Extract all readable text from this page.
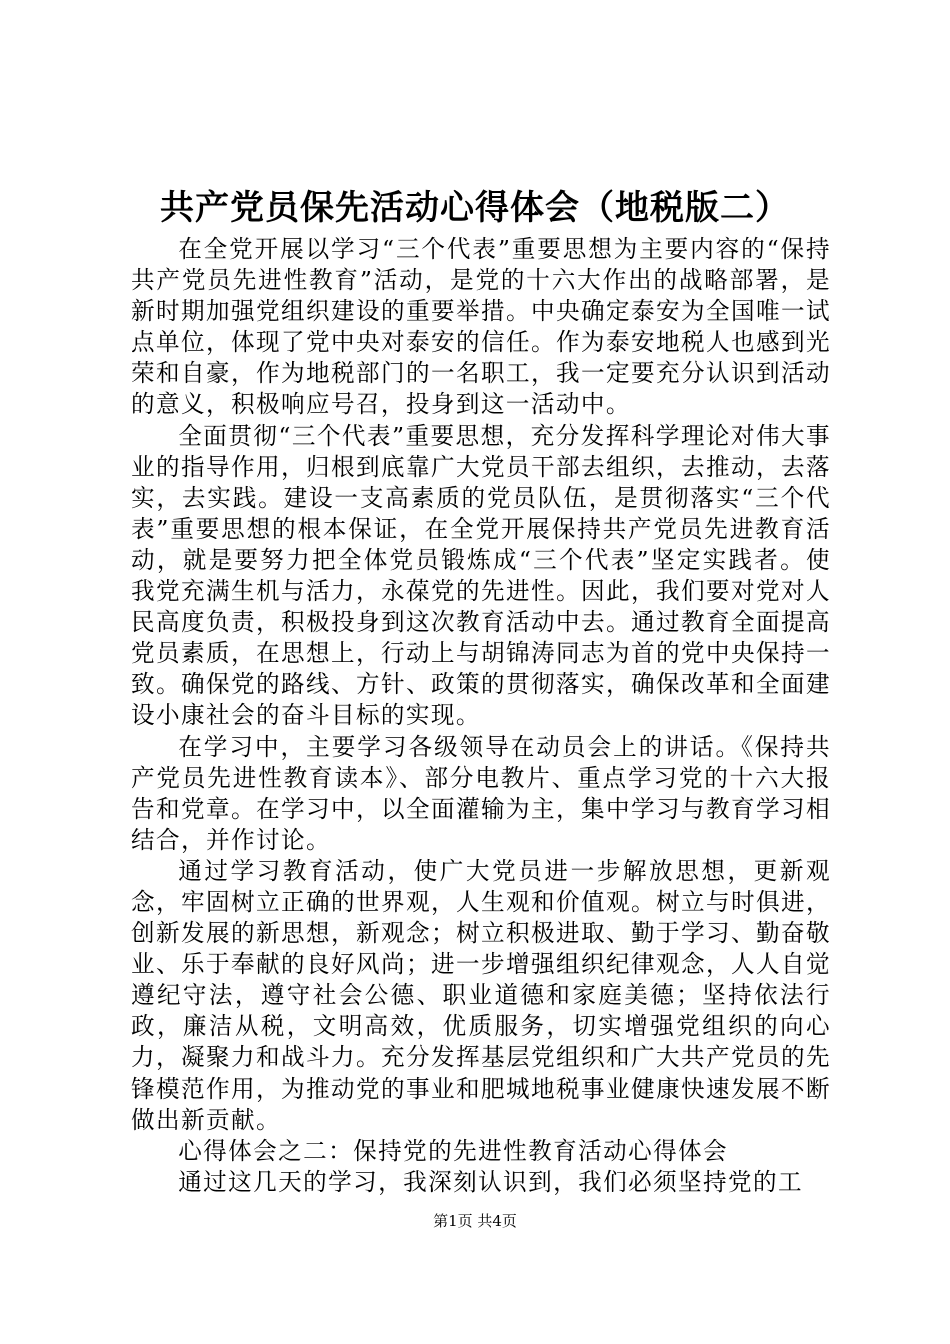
共产党员保先活动心得体会（地税版二）

在全党开展以学习“三个代表”重要思想为主要内容的“保持共产党员先进性教育”活动，是党的十六大作出的战略部署，是新时期加强党组织建设的重要举措。中央确定泰安为全国唯一试点单位，体现了党中央对泰安的信任。作为泰安地税人也感到光荣和自豪，作为地税部门的一名职工，我一定要充分认识到活动的意义，积极响应号召，投身到这一活动中。

全面贯彻“三个代表”重要思想，充分发挥科学理论对伟大事业的指导作用，归根到底靠广大党员干部去组织，去推动，去落实，去实践。建设一支高素质的党员队伍，是贯彻落实“三个代表”重要思想的根本保证，在全党开展保持共产党员先进教育活动，就是要努力把全体党员锻炼成“三个代表”坚定实践者。使我党充满生机与活力，永葆党的先进性。因此，我们要对党对人民高度负责，积极投身到这次教育活动中去。通过教育全面提高党员素质，在思想上，行动上与胡锦涛同志为首的党中央保持一致。确保党的路线、方针、政策的贯彻落实，确保改革和全面建设小康社会的奋斗目标的实现。

在学习中，主要学习各级领导在动员会上的讲话。《保持共产党员先进性教育读本》、部分电教片、重点学习党的十六大报告和党章。在学习中，以全面灌输为主，集中学习与教育学习相结合，并作讨论。

通过学习教育活动，使广大党员进一步解放思想，更新观念，牢固树立正确的世界观，人生观和价值观。树立与时俱进，创新发展的新思想，新观念；树立积极进取、勤于学习、勤奋敬业、乐于奉献的良好风尚；进一步增强组织纪律观念，人人自觉遵纪守法，遵守社会公德、职业道德和家庭美德；坚持依法行政，廉洁从税，文明高效，优质服务，切实增强党组织的向心力，凝聚力和战斗力。充分发挥基层党组织和广大共产党员的先锋模范作用，为推动党的事业和肥城地税事业健康快速发展不断做出新贡献。

心得体会之二：保持党的先进性教育活动心得体会

通过这几天的学习，我深刻认识到，我们必须坚持党的工

第1页 共4页
